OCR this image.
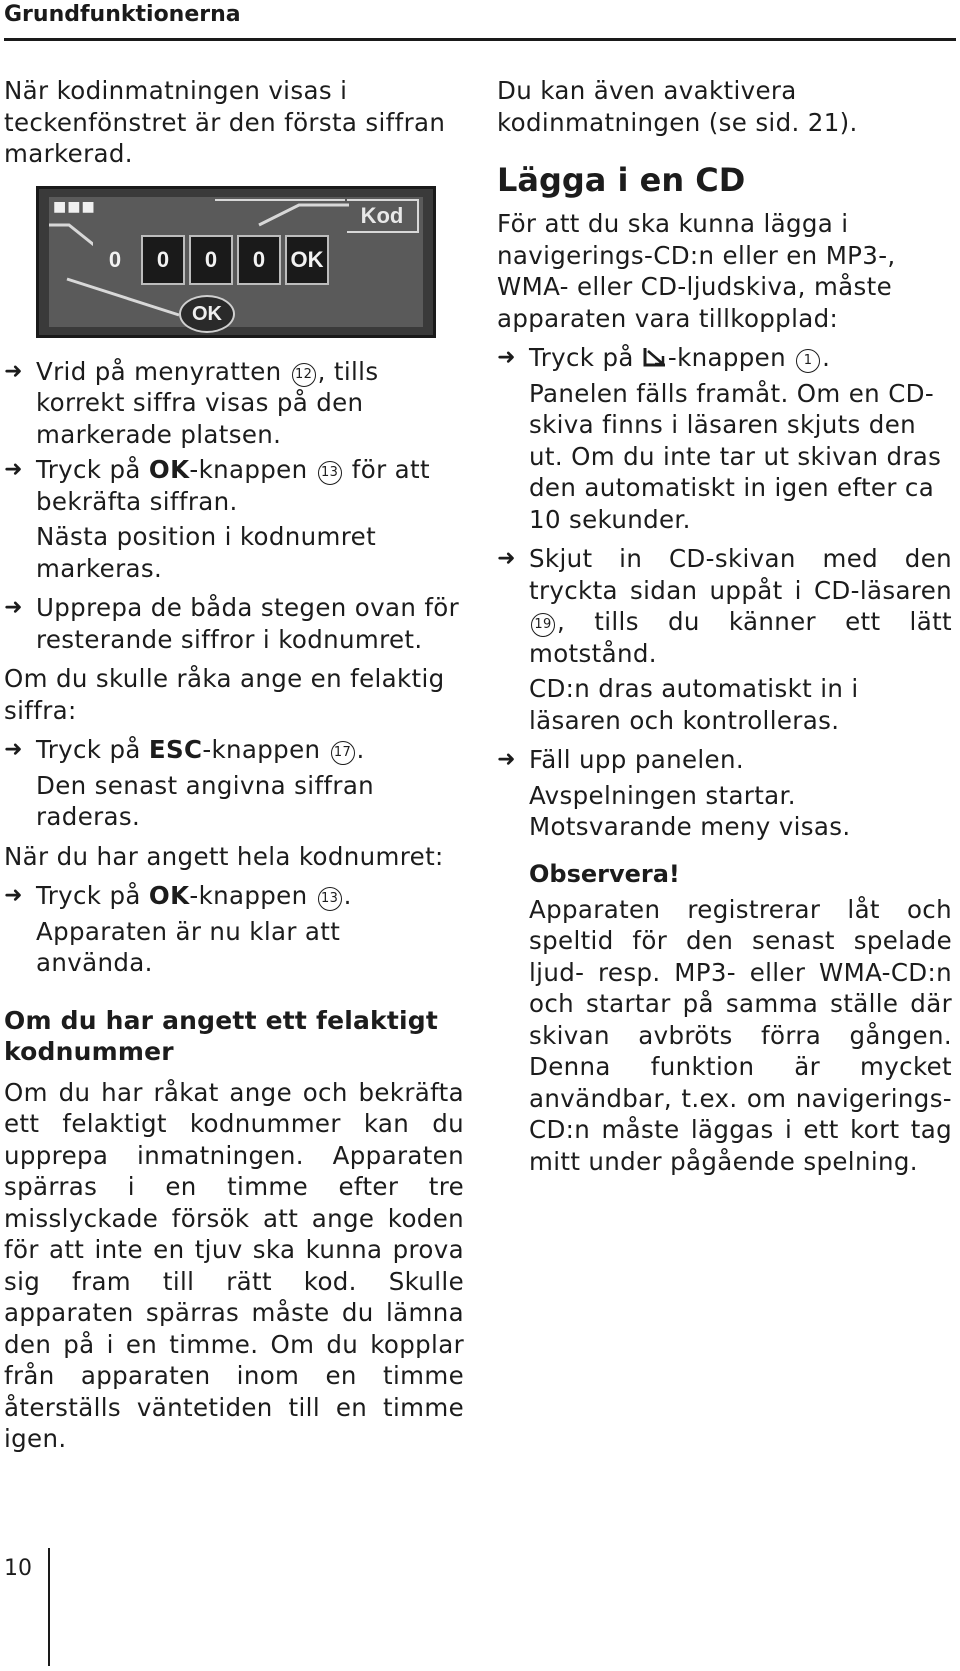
Grundfunktionerna

När kodinmatningen visas i teckenfönstret är den första siffran markerad.

■■■	Kod
0	0	0	0	OK
OK
➜ Vrid på menyratten 12 , tills korrekt siffra visas på den markerade platsen.
➜ Tryck på OK-knappen 13 för att bekräfta siffran.

Nästa position i kodnumret markeras.

➜ Upprepa de båda stegen ovan för resterande siffror i kodnumret.

Om du skulle råka ange en felaktig siffra:

➜ Tryck på ESC-knappen 17 .

Den senast angivna siffran raderas.

När du har angett hela kodnumret:

➜ Tryck på OK-knappen 13 .

Apparaten är nu klar att använda.

Om du har angett ett felaktigt kodnummer

Om du har råkat ange och bekräfta ett felaktigt kodnummer kan du upprepa inmatningen. Apparaten spärras i en timme efter tre misslyckade försök att ange koden för att inte en tjuv ska kunna prova sig fram till rätt kod. Skulle apparaten spärras måste du lämna den på i en timme. Om du kopplar från apparaten inom en timme återställs väntetiden till en timme igen.

Du kan även avaktivera kodinmatningen (se sid. 21).

Lägga i en CD

För att du ska kunna lägga i navigerings-CD:n eller en MP3-, WMA- eller CD-ljudskiva, måste apparaten vara tillkopplad:

➜ Tryck på -knappen 1 .

Panelen fälls framåt. Om en CD-skiva finns i läsaren skjuts den ut. Om du inte tar ut skivan dras den automatiskt in igen efter ca 10 sekunder.

➜ Skjut in CD-skivan med den tryckta sidan uppåt i CD-läsaren 19 , tills du känner ett lätt motstånd.

CD:n dras automatiskt in i läsaren och kontrolleras.

➜ Fäll upp panelen.

Avspelningen startar. Motsvarande meny visas.

Observera!

Apparaten registrerar låt och speltid för den senast spelade ljud- resp. MP3- eller WMA-CD:n och startar på samma ställe där skivan avbröts förra gången. Denna funktion är mycket användbar, t.ex. om navigerings-CD:n måste läggas i ett kort tag mitt under pågående spelning.

10
